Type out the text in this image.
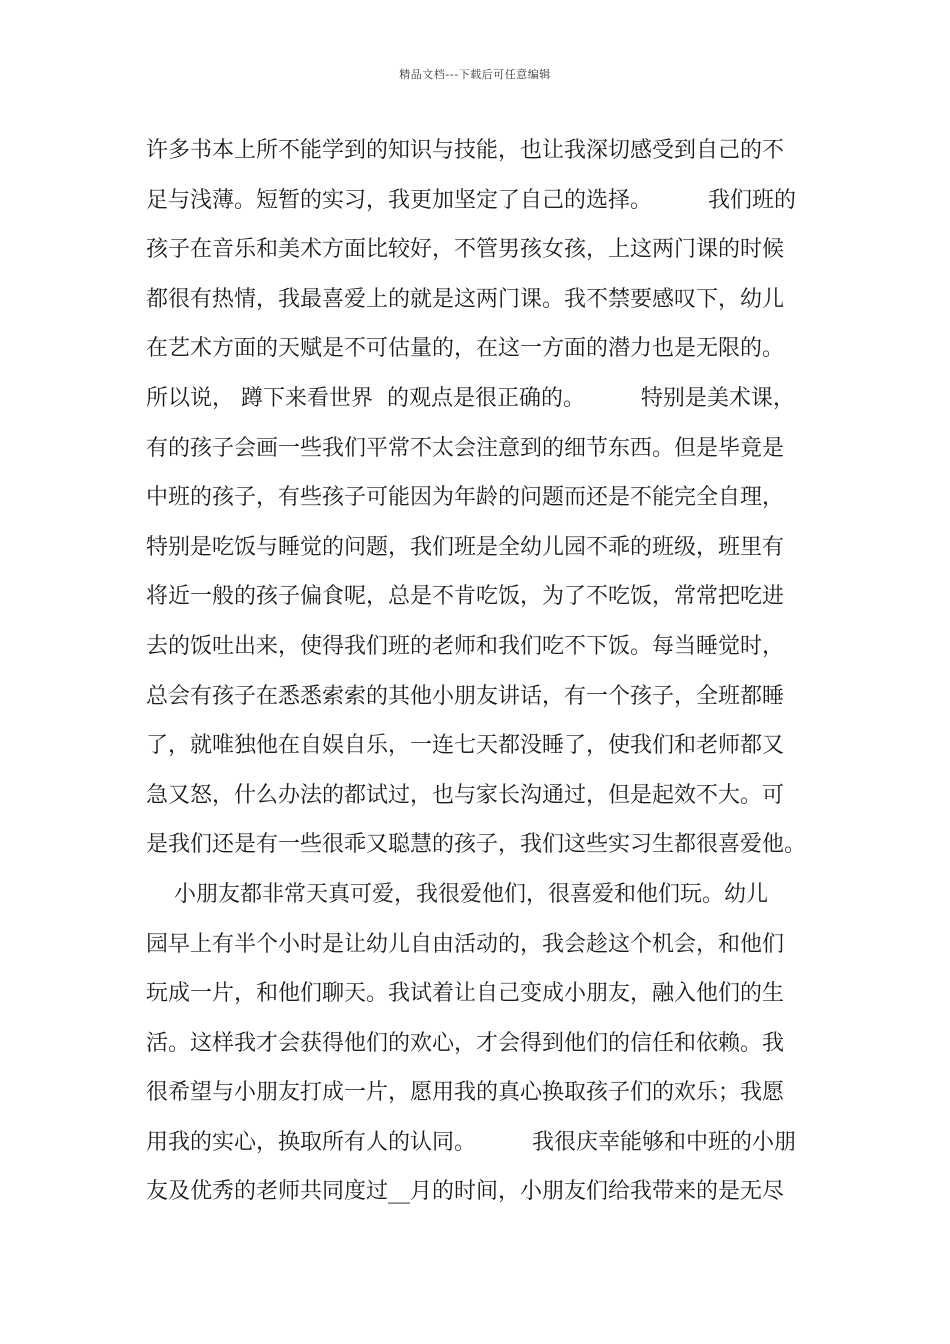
精品文档---下载后可任意编辑
许多书本上所不能学到的知识与技能，也让我深切感受到自己的不
足与浅薄。短暂的实习，我更加坚定了自己的选择。        我们班的
孩子在音乐和美术方面比较好，不管男孩女孩，上这两门课的时候
都很有热情，我最喜爱上的就是这两门课。我不禁要感叹下，幼儿
在艺术方面的天赋是不可估量的，在这一方面的潜力也是无限的。
所以说， 蹲下来看世界  的观点是很正确的。        特别是美术课，
有的孩子会画一些我们平常不太会注意到的细节东西。但是毕竟是
中班的孩子，有些孩子可能因为年龄的问题而还是不能完全自理，
特别是吃饭与睡觉的问题，我们班是全幼儿园不乖的班级，班里有
将近一般的孩子偏食呢，总是不肯吃饭，为了不吃饭，常常把吃进
去的饭吐出来，使得我们班的老师和我们吃不下饭。每当睡觉时，
总会有孩子在悉悉索索的其他小朋友讲话，有一个孩子，全班都睡
了，就唯独他在自娱自乐，一连七天都没睡了，使我们和老师都又
急又怒，什么办法的都试过，也与家长沟通过，但是起效不大。可
是我们还是有一些很乖又聪慧的孩子，我们这些实习生都很喜爱他。
小朋友都非常天真可爱，我很爱他们，很喜爱和他们玩。幼儿
园早上有半个小时是让幼儿自由活动的，我会趁这个机会，和他们
玩成一片，和他们聊天。我试着让自己变成小朋友，融入他们的生
活。这样我才会获得他们的欢心，才会得到他们的信任和依赖。我
很希望与小朋友打成一片，愿用我的真心换取孩子们的欢乐；我愿
用我的实心，换取所有人的认同。        我很庆幸能够和中班的小朋
友及优秀的老师共同度过__月的时间，小朋友们给我带来的是无尽
